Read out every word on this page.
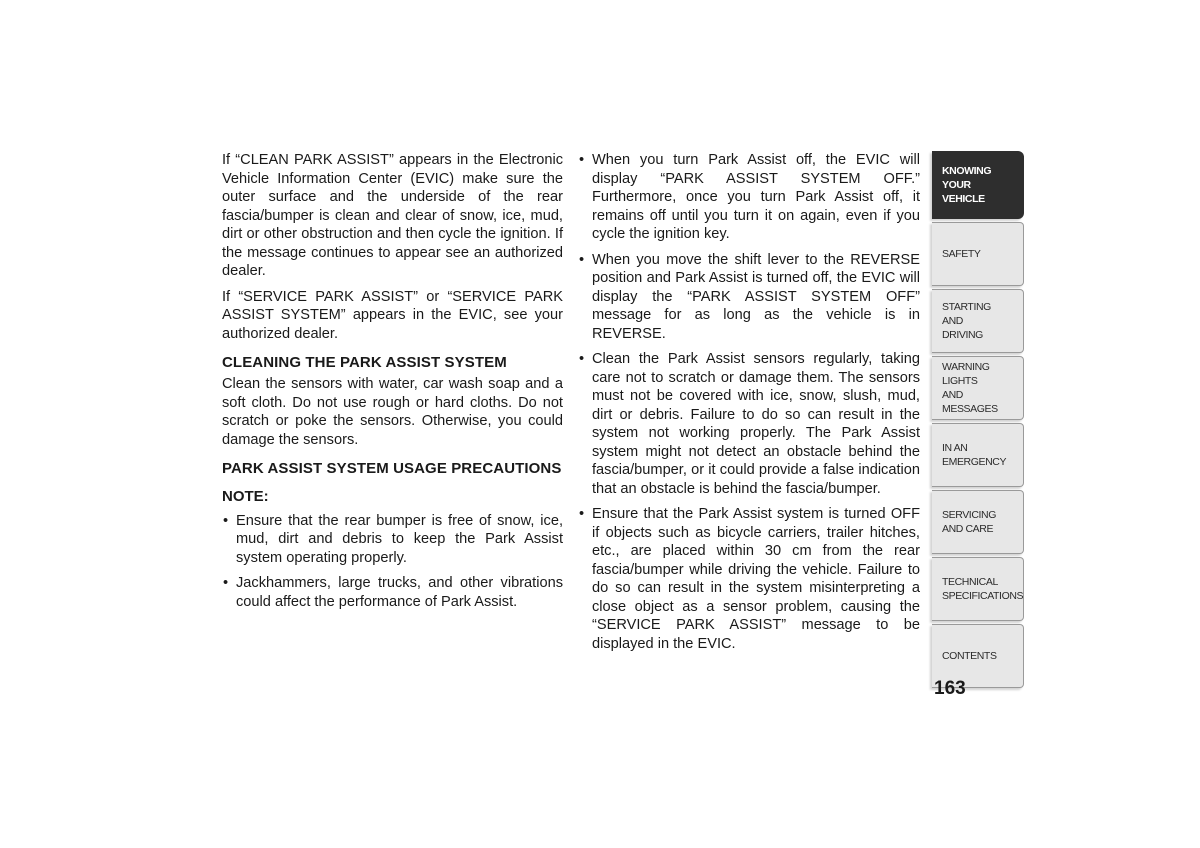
If “CLEAN PARK ASSIST” appears in the Electronic Vehicle Information Center (EVIC) make sure the outer surface and the underside of the rear fascia/bumper is clean and clear of snow, ice, mud, dirt or other obstruction and then cycle the ignition. If the message continues to appear see an authorized dealer.

If “SERVICE PARK ASSIST” or “SERVICE PARK ASSIST SYSTEM” appears in the EVIC, see your authorized dealer.

CLEANING THE PARK ASSIST SYSTEM

Clean the sensors with water, car wash soap and a soft cloth. Do not use rough or hard cloths. Do not scratch or poke the sensors. Otherwise, you could damage the sensors.

PARK ASSIST SYSTEM USAGE PRECAUTIONS
NOTE:
• Ensure that the rear bumper is free of snow, ice, mud, dirt and debris to keep the Park Assist system operating properly.
• Jackhammers, large trucks, and other vibrations could affect the performance of Park Assist.
• When you turn Park Assist off, the EVIC will display “PARK ASSIST SYSTEM OFF.” Furthermore, once you turn Park Assist off, it remains off until you turn it on again, even if you cycle the ignition key.
• When you move the shift lever to the REVERSE position and Park Assist is turned off, the EVIC will display the “PARK ASSIST SYSTEM OFF” message for as long as the vehicle is in REVERSE.
• Clean the Park Assist sensors regularly, taking care not to scratch or damage them. The sensors must not be covered with ice, snow, slush, mud, dirt or debris. Failure to do so can result in the system not working properly. The Park Assist system might not detect an obstacle behind the fascia/bumper, or it could provide a false indication that an obstacle is behind the fascia/bumper.
• Ensure that the Park Assist system is turned OFF if objects such as bicycle carriers, trailer hitches, etc., are placed within 30 cm from the rear fascia/bumper while driving the vehicle. Failure to do so can result in the system misinterpreting a close object as a sensor problem, causing the “SERVICE PARK ASSIST” message to be displayed in the EVIC.
KNOWING
YOUR
VEHICLE
SAFETY
STARTING
AND
DRIVING
WARNING
LIGHTS
AND
MESSAGES
IN AN
EMERGENCY
SERVICING
AND CARE
TECHNICAL
SPECIFICATIONS
CONTENTS
163
